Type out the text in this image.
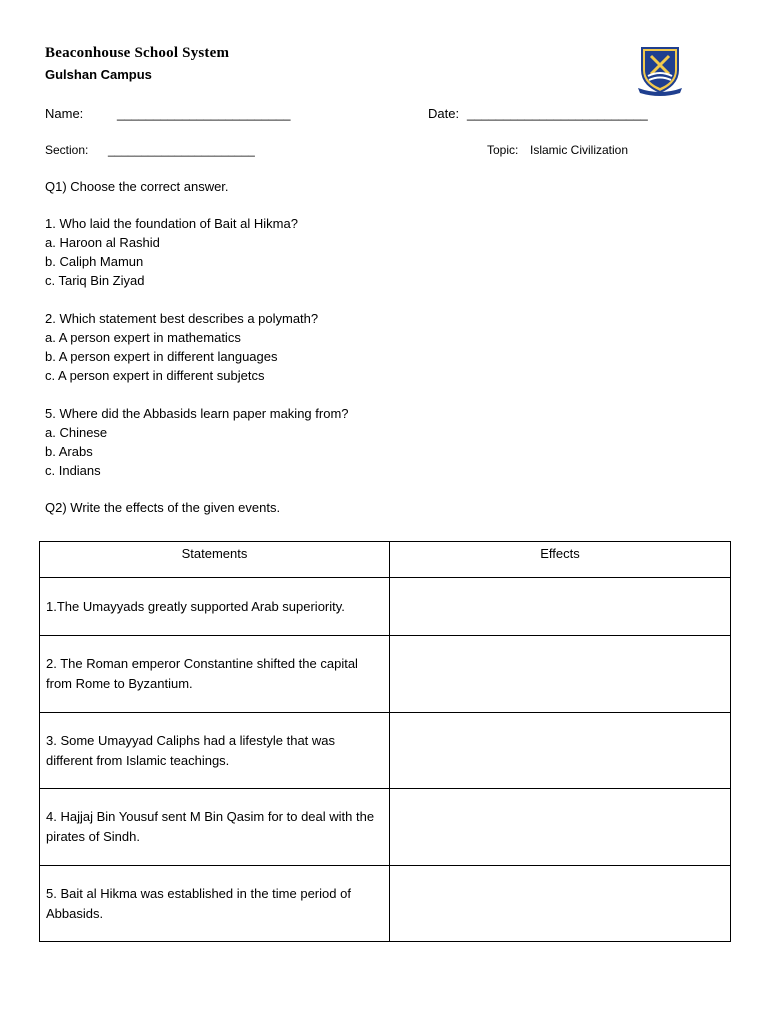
Beaconhouse School System
Gulshan Campus
Name:	________________________	Date: _________________________
Section: ______________________	Topic: Islamic Civilization
Q1) Choose the correct answer.
1. Who laid the foundation of Bait al Hikma?
a. Haroon al Rashid
b. Caliph Mamun
c. Tariq Bin Ziyad
2. Which statement best describes a polymath?
a. A person expert in mathematics
b. A person expert in different languages
c. A person expert in different subjetcs
5. Where did the Abbasids learn paper making from?
a. Chinese
b. Arabs
c. Indians
Q2) Write the effects of the given events.
Statements	Effects
1.The Umayyads greatly supported Arab superiority.	
2. The Roman emperor Constantine shifted the capital from Rome to Byzantium.	
3. Some Umayyad Caliphs had a lifestyle that was different from Islamic teachings.	
4. Hajjaj Bin Yousuf sent M Bin Qasim for to deal with the pirates of Sindh.	
5. Bait al Hikma was established in the time period of Abbasids.	
